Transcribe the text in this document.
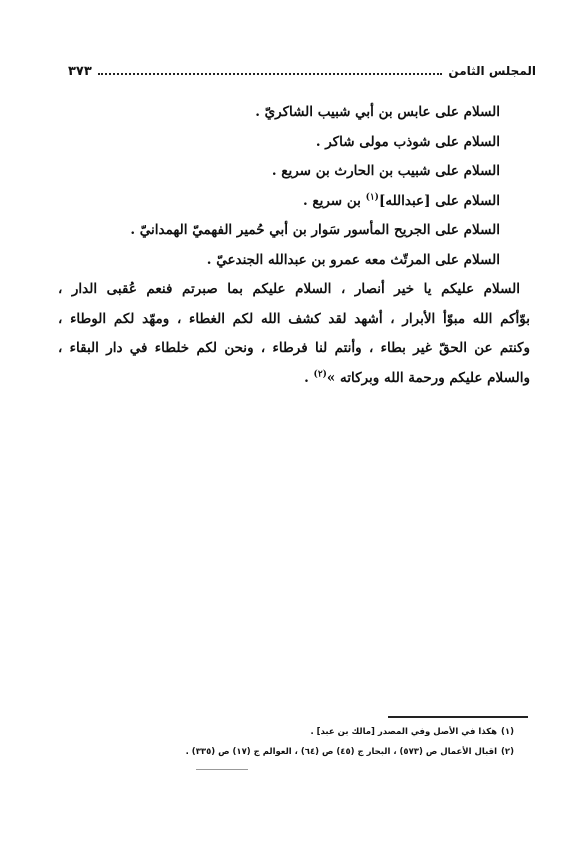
المجلس الثامن
٣٧٣
السلام على عابس بن أبي شبيب الشاكريّ .
السلام على شوذب مولى شاكر .
السلام على شبيب بن الحارث بن سريع .
السلام على [عبدالله]$^{(١)}$ بن سريع .
السلام على الجريح المأسور سَوار بن أبي حُمير الفهميّ الهمدانيّ .
السلام على المرتّث معه عمرو بن عبدالله الجندعيّ .
السلام عليكم يا خير أنصار ، السلام عليكم بما صبرتم فنعم عُقبى الدار ،
بوّأكم الله مبوّأ الأبرار ، أشهد لقد كشف الله لكم الغطاء ، ومهّد لكم الوطاء ،
وكنتم عن الحقّ غير بطاء ، وأنتم لنا فرطاء ، ونحن لكم خلطاء في دار البقاء ،
والسلام عليكم ورحمة الله وبركاته »$^{(٢)}$ .
(١)هكذا في الأصل وفي المصدر [مالك بن عبد] .
(٢)اقبال الأعمال ص (٥٧٣) ، البحار ج (٤٥) ص (٦٤) ، العوالم ج (١٧) ص (٣٣٥) .
